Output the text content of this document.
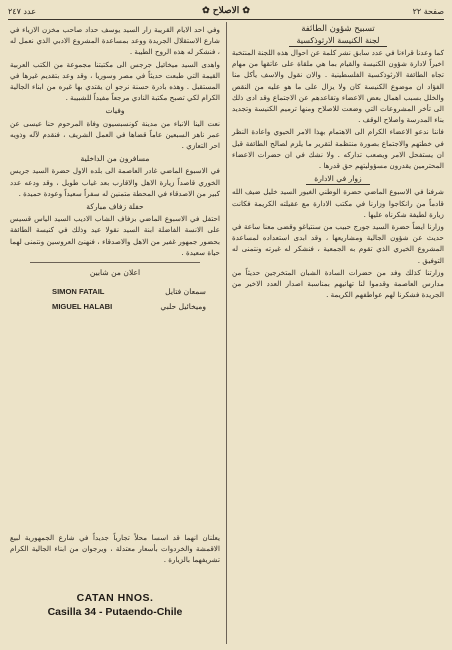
عدد ٢٤٧	✿ الاصلاح ✿	صفحة ٢٢

تسبيح شؤون الطائفة

لجنة الكنيسة الارثوذكسية

كما وعدنا قراءنا في عدد سابق نشر كلمة عن احوال هذه اللجنة المنتخبة اخيراً لادارة شؤون الكنيسة والقيام بما هي ملقاة على عاتقها من مهام تجاه الطائفة الارثوذكسية الفلسطينية . والان نقول والاسف يأكل منا الفؤاد ان موضوع الكنيسة كان ولا يزال على ما هو عليه من النقص والخلل بسبب اهمال بعض الاعضاء وتقاعدهم عن الاجتماع وقد ادى ذلك الى تأخر المشروعات التي وضعت للاصلاح ومنها ترميم الكنيسة وتجديد بناء المدرسة واصلاح الوقف .

فاننا ندعو الاعضاء الكرام الى الاهتمام بهذا الامر الحيوي واعادة النظر في خطتهم والاجتماع بصورة منتظمة لتقرير ما يلزم لصالح الطائفة قبل ان يستفحل الامر ويصعب تداركه . ولا نشك في ان حضرات الاعضاء المحترمين يقدرون مسؤوليتهم حق قدرها .

زوار في الادارة

شرفنا في الاسبوع الماضي حضرة الوطني الغيور السيد خليل ضيف الله قادماً من رانكاجوا وزارنا في مكتب الادارة مع عقيلته الكريمة فكانت زيارة لطيفة شكرناه عليها .

وزارنا ايضاً حضرة السيد جورج حبيب من سنتياغو وقضى معنا ساعة في حديث عن شؤون الجالية ومشاريعها ، وقد ابدى استعداده لمساعدة المشروع الخيري الذي تقوم به الجمعية ، فنشكر له غيرته ونتمنى له التوفيق .

وزارتنا كذلك وفد من حضرات السادة الشبان المتخرجين حديثاً من مدارس العاصمة وقدموا لنا تهانيهم بمناسبة اصدار العدد الاخير من الجريدة فشكرنا لهم عواطفهم الكريمة .

وفي احد الايام القريبة زار السيد يوسف حداد صاحب مخزن الازياء في شارع الاستقلال الجريدة ووعد بمساعدة المشروع الادبي الذي نعمل له ، فنشكر له هذه الروح الطيبة .

واهدى السيد ميخائيل جرجس الى مكتبتنا مجموعة من الكتب العربية القيمة التي طبعت حديثاً في مصر وسوريا ، وقد وعد بتقديم غيرها في المستقبل . وهذه بادرة حسنة نرجو ان يقتدي بها غيره من ابناء الجالية الكرام لكي تصبح مكتبة النادي مرجعاً مفيداً للشبيبة .

وفيات

نعت الينا الانباء من مدينة كونسبسيون وفاة المرحوم حنا عيسى عن عمر ناهز السبعين عاماً قضاها في العمل الشريف ، فنقدم لآله وذويه احر التعازي .

مسافرون من الداخلية

في الاسبوع الماضي غادر العاصمة الى بلده الاول حضرة السيد جريس الخوري قاصداً زيارة الاهل والاقارب بعد غياب طويل ، وقد ودعه عدد كبير من الاصدقاء في المحطة متمنين له سفراً سعيداً وعودة حميدة .

حفلة زفاف مباركة

احتفل في الاسبوع الماضي بزفاف الشاب الاديب السيد الياس قسيس على الانسة الفاضلة ابنة السيد نقولا عيد وذلك في كنيسة الطائفة بحضور جمهور غفير من الاهل والاصدقاء ، فنهنئ العروسين ونتمنى لهما حياة سعيدة .

اعلان من شابين

SIMON FATAIL	سمعان فتايل
MIGUEL HALABI	وميخائيل حلبي
يعلنان انهما قد اسسا محلاً تجارياً جديداً في شارع الجمهورية لبيع الاقمشة والخردوات بأسعار معتدلة ، ويرجوان من ابناء الجالية الكرام تشريفهما بالزيارة .
CATAN HNOS.
Casilla 34 - Putaendo-Chile
